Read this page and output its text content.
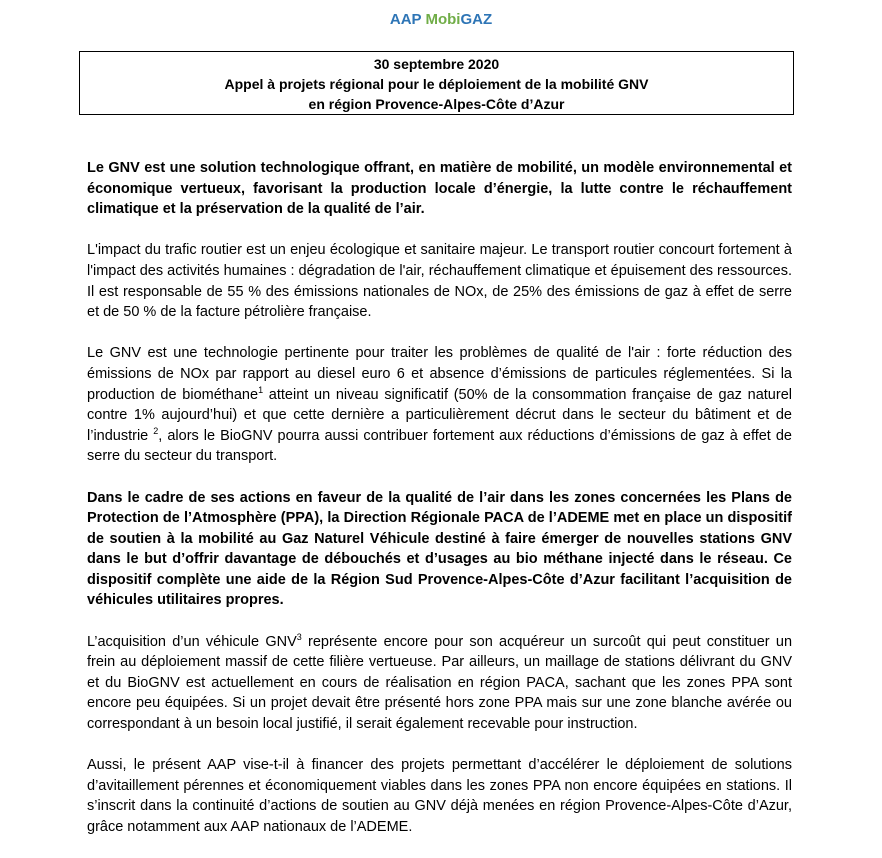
AAP MobiGAZ
30 septembre 2020
Appel à projets régional pour le déploiement de la mobilité GNV
en région Provence-Alpes-Côte d’Azur

Le GNV est une solution technologique offrant, en matière de mobilité, un modèle environnemental et économique vertueux, favorisant la production locale d’énergie, la lutte contre le réchauffement climatique et la préservation de la qualité de l’air.

L'impact du trafic routier est un enjeu écologique et sanitaire majeur. Le transport routier concourt fortement à l'impact des activités humaines : dégradation de l'air, réchauffement climatique et épuisement des ressources. Il est responsable de 55 % des émissions nationales de NOx, de 25% des émissions de gaz à effet de serre et de 50 % de la facture pétrolière française.

Le GNV est une technologie pertinente pour traiter les problèmes de qualité de l'air : forte réduction des émissions de NOx par rapport au diesel euro 6 et absence d’émissions de particules réglementées. Si la production de biométhane$^1$ atteint un niveau significatif (50% de la consommation française de gaz naturel contre 1% aujourd’hui) et que cette dernière a particulièrement décrut dans le secteur du bâtiment et de l’industrie $^2$, alors le BioGNV pourra aussi contribuer fortement aux réductions d’émissions de gaz à effet de serre du secteur du transport.

Dans le cadre de ses actions en faveur de la qualité de l’air dans les zones concernées les Plans de Protection de l’Atmosphère (PPA), la Direction Régionale PACA de l’ADEME met en place un dispositif de soutien à la mobilité au Gaz Naturel Véhicule destiné à faire émerger de nouvelles stations GNV dans le but d’offrir davantage de débouchés et d’usages au bio méthane injecté dans le réseau. Ce dispositif complète une aide de la Région Sud Provence-Alpes-Côte d’Azur facilitant l’acquisition de véhicules utilitaires propres.

L’acquisition d’un véhicule GNV$^3$ représente encore pour son acquéreur un surcoût qui peut constituer un frein au déploiement massif de cette filière vertueuse. Par ailleurs, un maillage de stations délivrant du GNV et du BioGNV est actuellement en cours de réalisation en région PACA, sachant que les zones PPA sont encore peu équipées. Si un projet devait être présenté hors zone PPA mais sur une zone blanche avérée ou correspondant à un besoin local justifié, il serait également recevable pour instruction.

Aussi, le présent AAP vise-t-il à financer des projets permettant d’accélérer le déploiement de solutions d’avitaillement pérennes et économiquement viables dans les zones PPA non encore équipées en stations. Il s’inscrit dans la continuité d’actions de soutien au GNV déjà menées en région Provence-Alpes-Côte d’Azur, grâce notamment aux AAP nationaux de l’ADEME.
